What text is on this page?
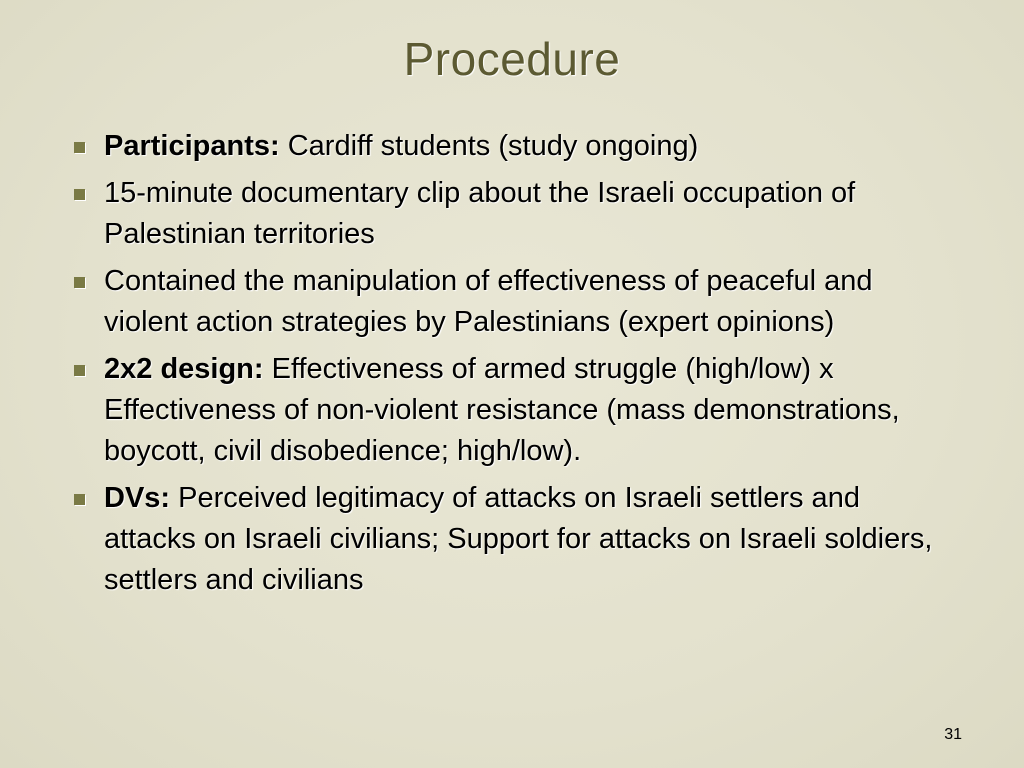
Procedure
Participants: Cardiff students (study ongoing)
15-minute documentary clip about the Israeli occupation of Palestinian territories
Contained the manipulation of effectiveness of peaceful and violent action strategies by Palestinians (expert opinions)
2x2 design: Effectiveness of armed struggle (high/low) x Effectiveness of non-violent resistance (mass demonstrations, boycott, civil disobedience; high/low).
DVs: Perceived legitimacy of attacks on Israeli settlers and attacks on Israeli civilians; Support for attacks on Israeli soldiers, settlers and civilians
31
